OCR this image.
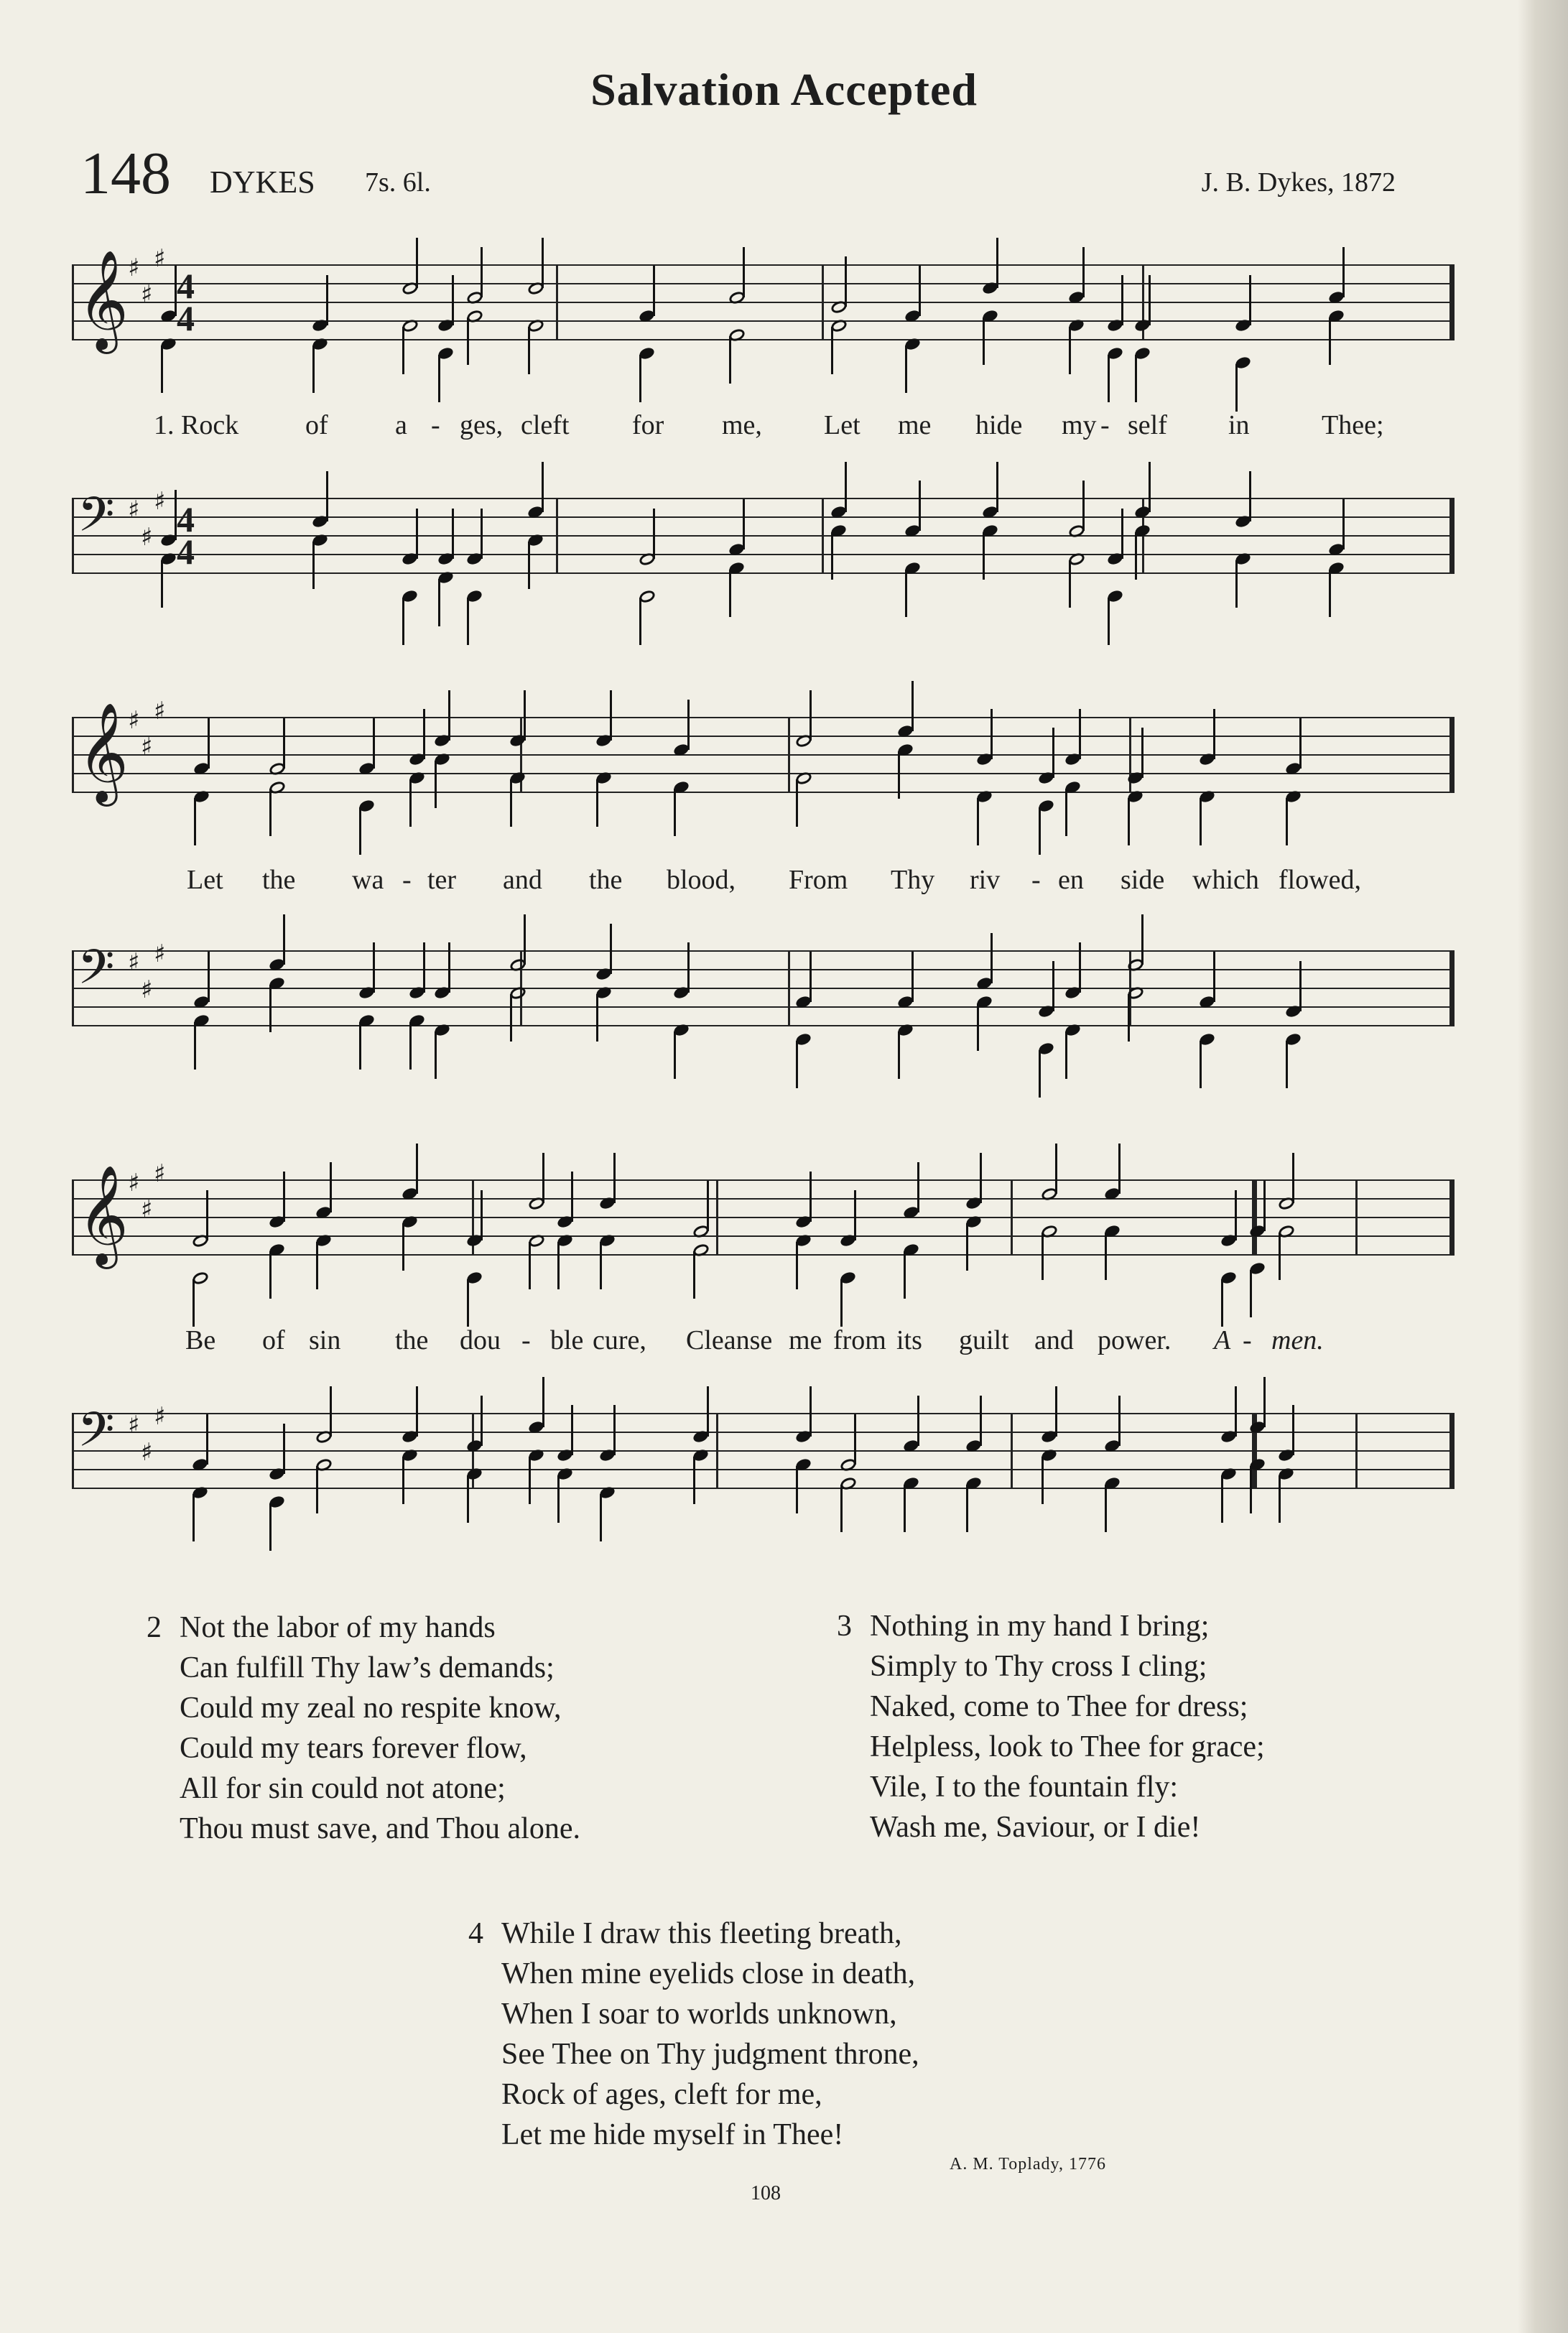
Salvation Accepted
148 DYKES 7s. 6l.	J. B. Dykes, 1872
𝄞 ♯
♯
♯
4
4
1. Rock of a - ges, cleft for me, Let me hide my - self in	Thee;
𝄢 ♯
♯
♯ 4
4
𝄞 ♯
♯
♯
Let the wa - ter and the blood, From Thy riv - en side which flowed,
𝄢 ♯
♯
♯
𝄞 ♯
♯
♯
Be of sin the dou - ble cure, Cleanse me from its guilt and power. A - men.
𝄢 ♯
♯
♯
2 Not the labor of my hands
Can fulfill Thy law’s demands;
Could my zeal no respite know,
Could my tears forever flow,
All for sin could not atone;
Thou must save, and Thou alone.
3 Nothing in my hand I bring;
Simply to Thy cross I cling;
Naked, come to Thee for dress;
Helpless, look to Thee for grace;
Vile, I to the fountain fly:
Wash me, Saviour, or I die!
4 While I draw this fleeting breath,
When mine eyelids close in death,
When I soar to worlds unknown,
See Thee on Thy judgment throne,
Rock of ages, cleft for me,
Let me hide myself in Thee!
A. M. Toplady, 1776
108
